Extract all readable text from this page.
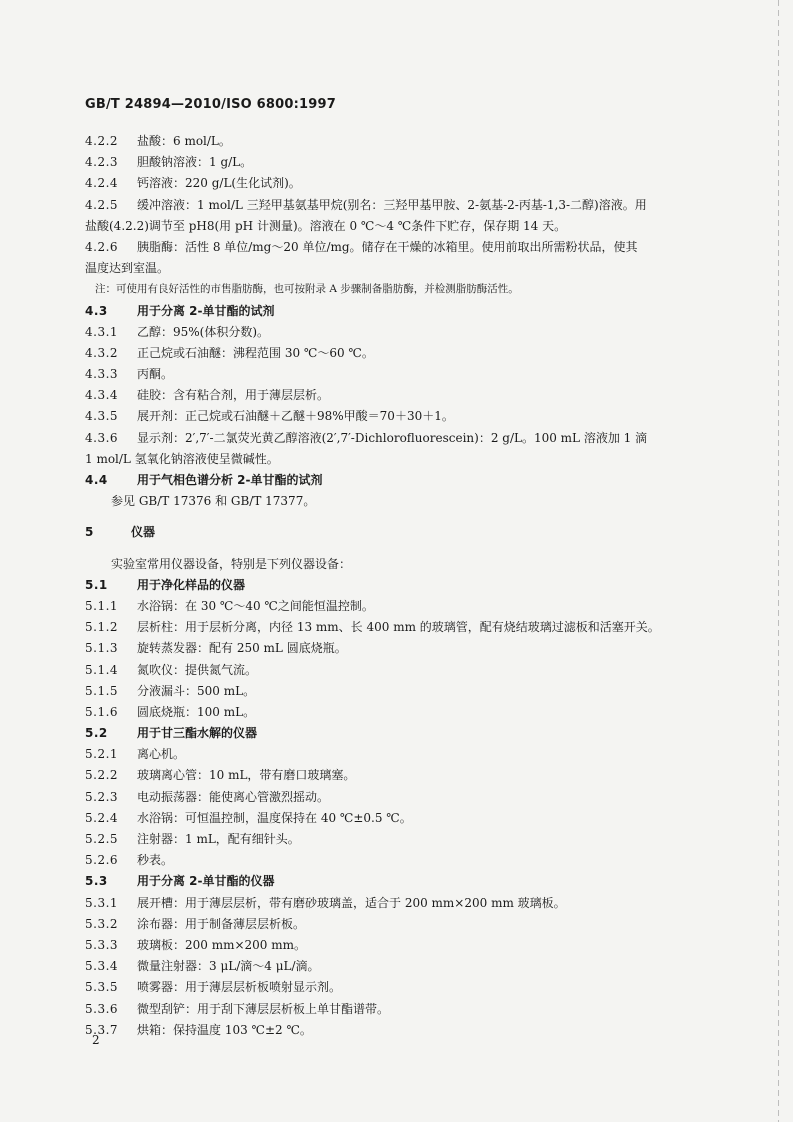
GB/T 24894—2010/ISO 6800:1997
4.2.2 盐酸：6 mol/L。
4.2.3 胆酸钠溶液：1 g/L。
4.2.4 钙溶液：220 g/L(生化试剂)。
4.2.5 缓冲溶液：1 mol/L 三羟甲基氨基甲烷(别名：三羟甲基甲胺、2-氨基-2-丙基-1,3-二醇)溶液。用
盐酸(4.2.2)调节至 pH8(用 pH 计测量)。溶液在 0 ℃～4 ℃条件下贮存，保存期 14 天。
4.2.6 胰脂酶：活性 8 单位/mg～20 单位/mg。储存在干燥的冰箱里。使用前取出所需粉状品，使其
温度达到室温。
注：可使用有良好活性的市售脂肪酶，也可按附录 A 步骤制备脂肪酶，并检测脂肪酶活性。
4.3 用于分离 2-单甘酯的试剂
4.3.1 乙醇：95%(体积分数)。
4.3.2 正己烷或石油醚：沸程范围 30 ℃～60 ℃。
4.3.3 丙酮。
4.3.4 硅胶：含有粘合剂，用于薄层层析。
4.3.5 展开剂：正己烷或石油醚＋乙醚＋98%甲酸＝70＋30＋1。
4.3.6 显示剂：2′,7′-二氯荧光黄乙醇溶液(2′,7′-Dichlorofluorescein)：2 g/L。100 mL 溶液加 1 滴
1 mol/L 氢氧化钠溶液使呈微碱性。
4.4 用于气相色谱分析 2-单甘酯的试剂
参见 GB/T 17376 和 GB/T 17377。
5	仪器
实验室常用仪器设备，特别是下列仪器设备：
5.1 用于净化样品的仪器
5.1.1 水浴锅：在 30 ℃～40 ℃之间能恒温控制。
5.1.2 层析柱：用于层析分离，内径 13 mm、长 400 mm 的玻璃管，配有烧结玻璃过滤板和活塞开关。
5.1.3 旋转蒸发器：配有 250 mL 圆底烧瓶。
5.1.4 氮吹仪：提供氮气流。
5.1.5 分液漏斗：500 mL。
5.1.6 圆底烧瓶：100 mL。
5.2 用于甘三酯水解的仪器
5.2.1 离心机。
5.2.2 玻璃离心管：10 mL，带有磨口玻璃塞。
5.2.3 电动振荡器：能使离心管激烈摇动。
5.2.4 水浴锅：可恒温控制，温度保持在 40 ℃±0.5 ℃。
5.2.5 注射器：1 mL，配有细针头。
5.2.6 秒表。
5.3 用于分离 2-单甘酯的仪器
5.3.1 展开槽：用于薄层层析，带有磨砂玻璃盖，适合于 200 mm×200 mm 玻璃板。
5.3.2 涂布器：用于制备薄层层析板。
5.3.3 玻璃板：200 mm×200 mm。
5.3.4 微量注射器：3 μL/滴～4 μL/滴。
5.3.5 喷雾器：用于薄层层析板喷射显示剂。
5.3.6 微型刮铲：用于刮下薄层层析板上单甘酯谱带。
5.3.7 烘箱：保持温度 103 ℃±2 ℃。
2
